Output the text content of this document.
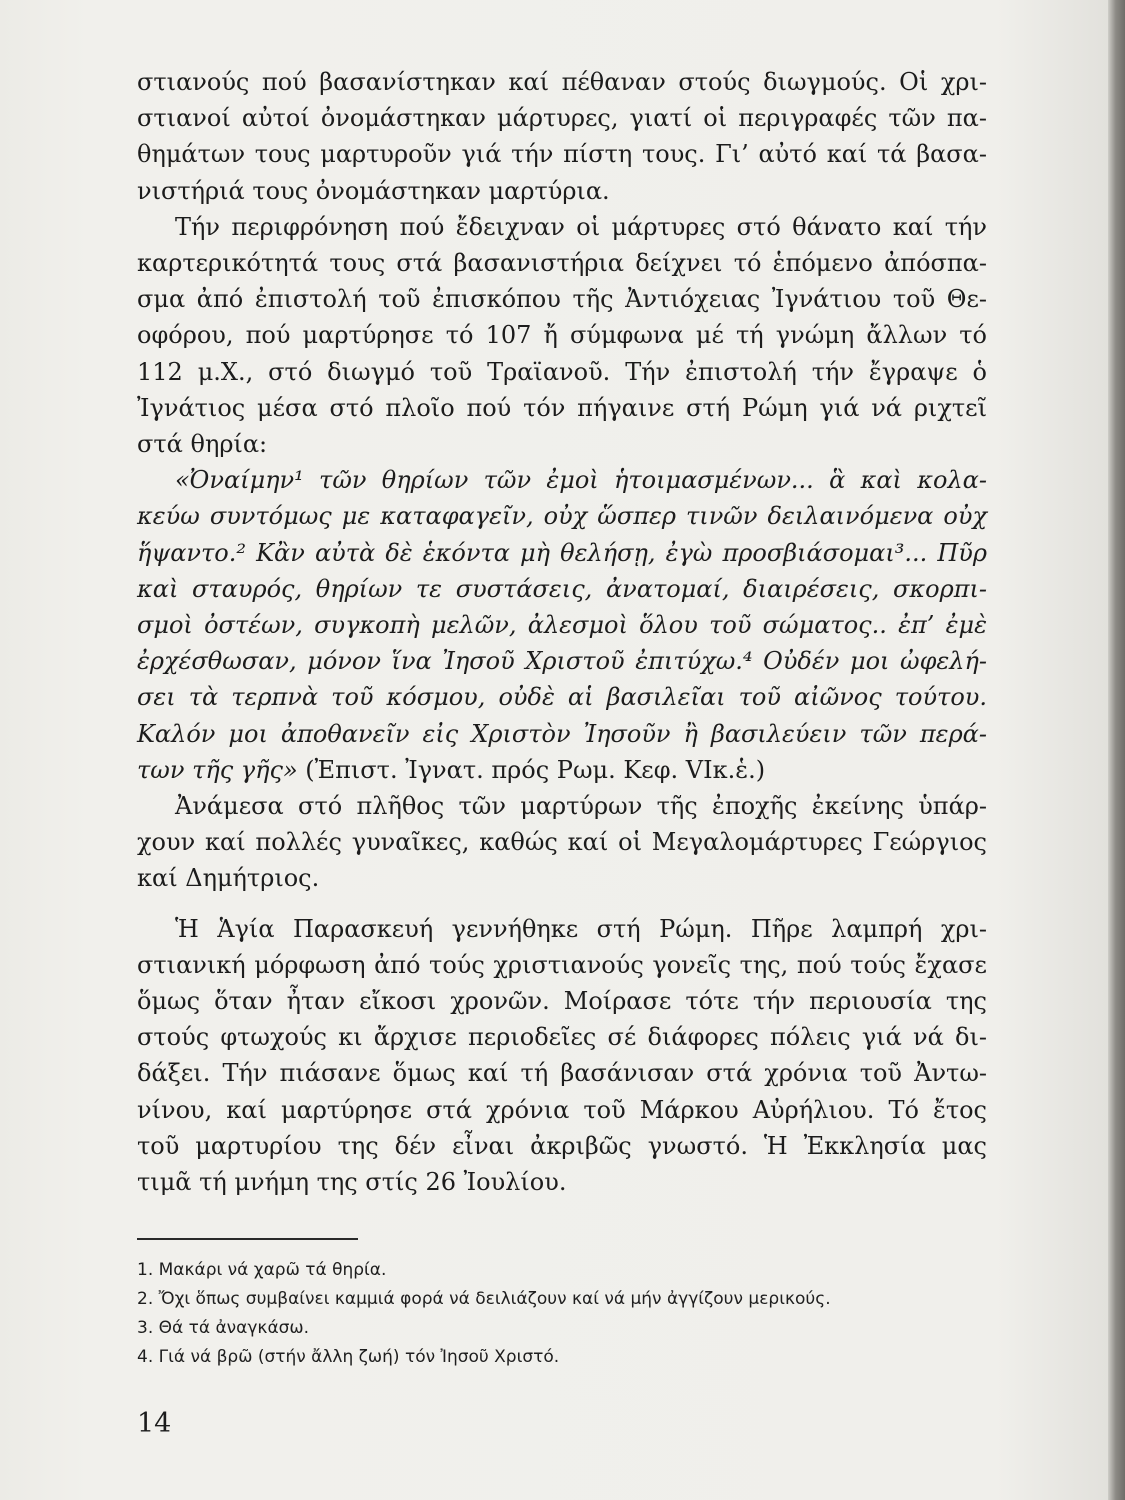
στιανούς πού βασανίστηκαν καί πέθαναν στούς διωγμούς. Οἱ χρι-
στιανοί αὐτοί ὀνομάστηκαν μάρτυρες, γιατί οἱ περιγραφές τῶν πα-
θημάτων τους μαρτυροῦν γιά τήν πίστη τους. Γι’ αὐτό καί τά βασα-
νιστήριά τους ὀνομάστηκαν μαρτύρια.

Τήν περιφρόνηση πού ἔδειχναν οἱ μάρτυρες στό θάνατο καί τήν
καρτερικότητά τους στά βασανιστήρια δείχνει τό ἑπόμενο ἀπόσπα-
σμα ἀπό ἐπιστολή τοῦ ἐπισκόπου τῆς Ἀντιόχειας Ἰγνάτιου τοῦ Θε-
οφόρου, πού μαρτύρησε τό 107 ἤ σύμφωνα μέ τή γνώμη ἄλλων τό
112 μ.Χ., στό διωγμό τοῦ Τραϊανοῦ. Τήν ἐπιστολή τήν ἔγραψε ὁ
Ἰγνάτιος μέσα στό πλοῖο πού τόν πήγαινε στή Ρώμη γιά νά ριχτεῖ
στά θηρία:

«Ὀναίμην¹ τῶν θηρίων τῶν ἐμοὶ ἡτοιμασμένων... ἃ καὶ κολα-
κεύω συντόμως με καταφαγεῖν, οὐχ ὥσπερ τινῶν δειλαινόμενα οὐχ
ἥψαντο.² Κἂν αὐτὰ δὲ ἑκόντα μὴ θελήσῃ, ἐγὼ προσβιάσομαι³... Πῦρ
καὶ σταυρός, θηρίων τε συστάσεις, ἀνατομαί, διαιρέσεις, σκορπι-
σμοὶ ὀστέων, συγκοπὴ μελῶν, ἀλεσμοὶ ὅλου τοῦ σώματος.. ἐπ’ ἐμὲ
ἐρχέσθωσαν, μόνον ἵνα Ἰησοῦ Χριστοῦ ἐπιτύχω.⁴ Οὐδέν μοι ὠφελή-
σει τὰ τερπνὰ τοῦ κόσμου, οὐδὲ αἱ βασιλεῖαι τοῦ αἰῶνος τούτου.
Καλόν μοι ἀποθανεῖν εἰς Χριστὸν Ἰησοῦν ἢ βασιλεύειν τῶν περά-
των τῆς γῆς» (Ἐπιστ. Ἰγνατ. πρός Ρωμ. Κεφ. VIκ.ἑ.)

Ἀνάμεσα στό πλῆθος τῶν μαρτύρων τῆς ἐποχῆς ἐκείνης ὑπάρ-
χουν καί πολλές γυναῖκες, καθώς καί οἱ Μεγαλομάρτυρες Γεώργιος
καί Δημήτριος.

Ἡ Ἁγία Παρασκευή γεννήθηκε στή Ρώμη. Πῆρε λαμπρή χρι-
στιανική μόρφωση ἀπό τούς χριστιανούς γονεῖς της, πού τούς ἔχασε
ὅμως ὅταν ἦταν εἴκοσι χρονῶν. Μοίρασε τότε τήν περιουσία της
στούς φτωχούς κι ἄρχισε περιοδεῖες σέ διάφορες πόλεις γιά νά δι-
δάξει. Τήν πιάσανε ὅμως καί τή βασάνισαν στά χρόνια τοῦ Ἀντω-
νίνου, καί μαρτύρησε στά χρόνια τοῦ Μάρκου Αὐρήλιου. Τό ἔτος
τοῦ μαρτυρίου της δέν εἶναι ἀκριβῶς γνωστό. Ἡ Ἐκκλησία μας
τιμᾶ τή μνήμη της στίς 26 Ἰουλίου.

1. Μακάρι νά χαρῶ τά θηρία.
2. Ὄχι ὅπως συμβαίνει καμμιά φορά νά δειλιάζουν καί νά μήν ἀγγίζουν μερικούς.
3. Θά τά ἀναγκάσω.
4. Γιά νά βρῶ (στήν ἄλλη ζωή) τόν Ἰησοῦ Χριστό.
14
